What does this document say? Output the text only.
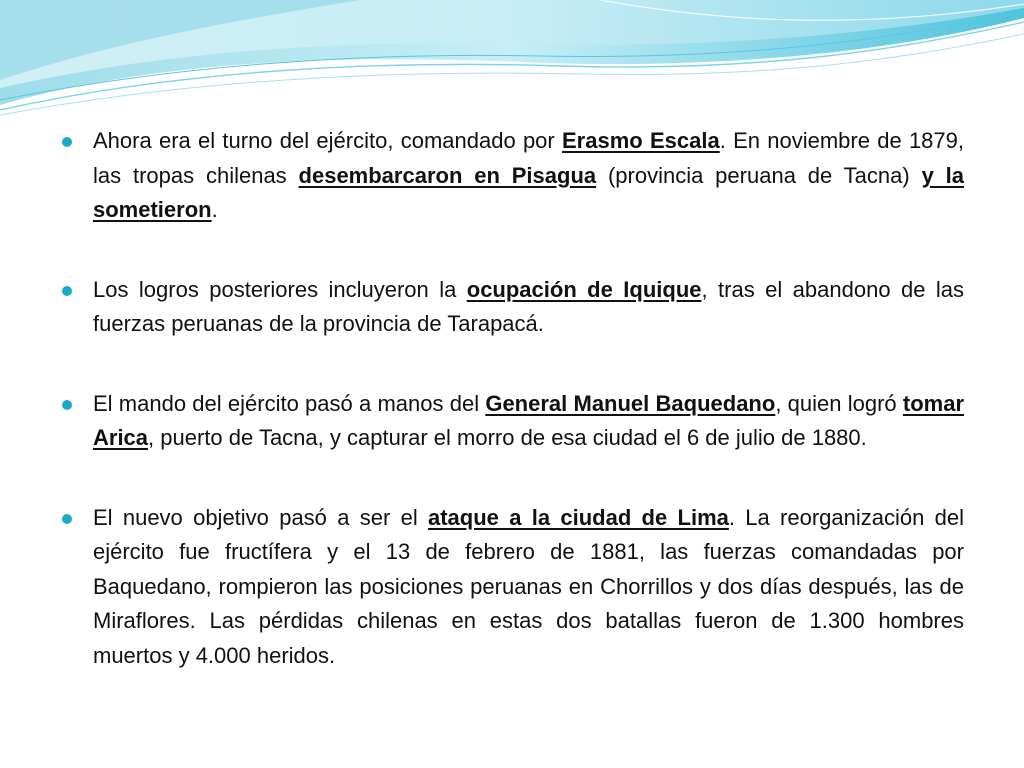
Ahora era el turno del ejército, comandado por Erasmo Escala. En noviembre de 1879, las tropas chilenas desembarcaron en Pisagua (provincia peruana de Tacna) y la sometieron.
Los logros posteriores incluyeron la ocupación de Iquique, tras el abandono de las fuerzas peruanas de la provincia de Tarapacá.
El mando del ejército pasó a manos del General Manuel Baquedano, quien logró tomar Arica, puerto de Tacna, y capturar el morro de esa ciudad el 6 de julio de 1880.
El nuevo objetivo pasó a ser el ataque a la ciudad de Lima. La reorganización del ejército fue fructífera y el 13 de febrero de 1881, las fuerzas comandadas por Baquedano, rompieron las posiciones peruanas en Chorrillos y dos días después, las de Miraflores. Las pérdidas chilenas en estas dos batallas fueron de 1.300 hombres muertos y 4.000 heridos.
